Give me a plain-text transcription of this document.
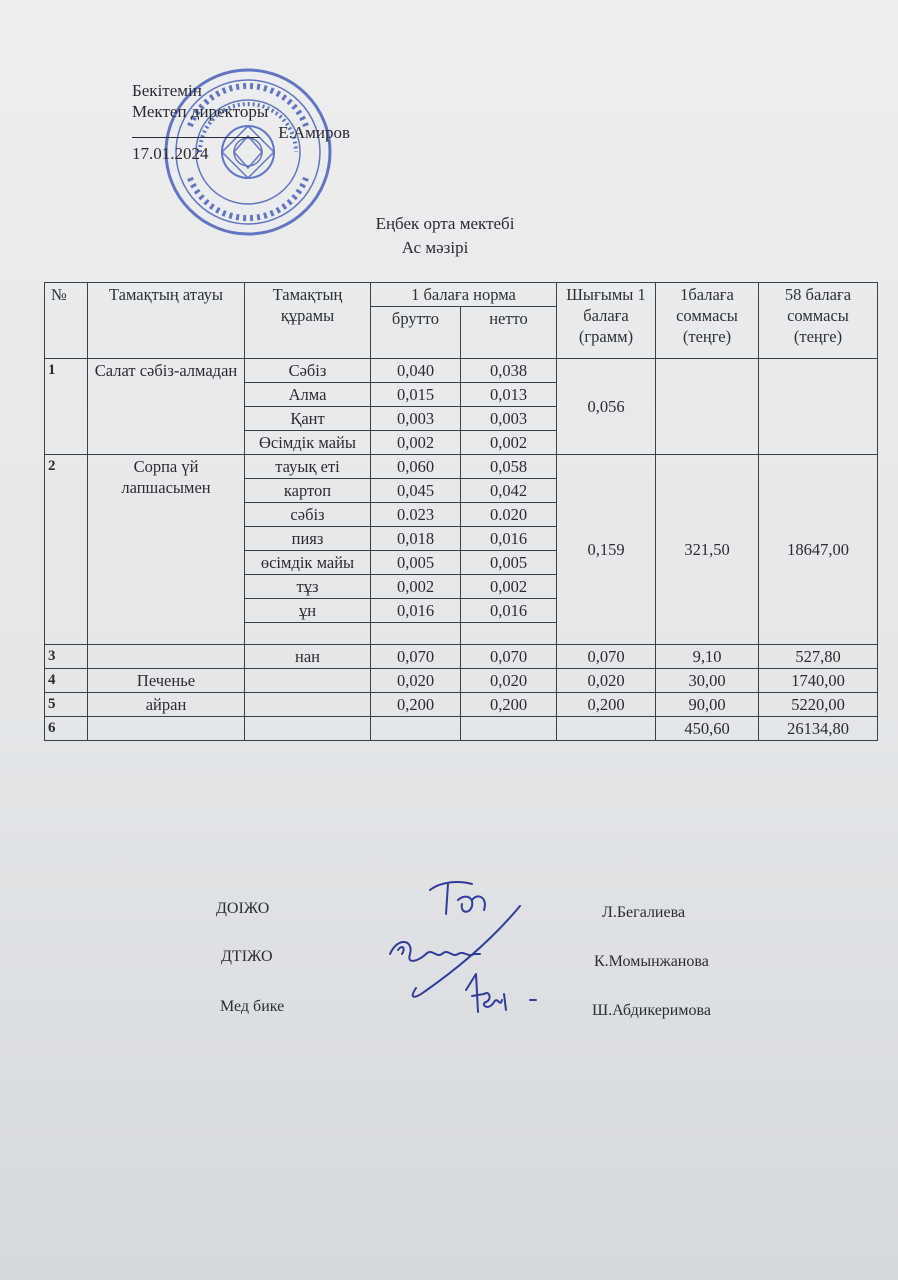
Бекітемін
Мектеп директоры
Е.Амиров
17.01.2024
Еңбек орта мектебі
Ас мәзірі
№	Тамақтың атауы	Тамақтың құрамы	1 балаға норма		Шығымы 1 балаға (грамм)	1балаға соммасы (теңге)	58 балаға соммасы (теңге)
			брутто	нетто			
1	Салат сәбіз-алмадан	Сәбіз	0,040	0,038	0,056		
		Алма	0,015	0,013			
		Қант	0,003	0,003			
		Өсімдік майы	0,002	0,002			
2	Сорпа үй лапшасымен	тауық еті	0,060	0,058	0,159	321,50	18647,00
		картоп	0,045	0,042			
		сәбіз	0.023	0.020			
		пияз	0,018	0,016			
		өсімдік майы	0,005	0,005			
		тұз	0,002	0,002			
		ұн	0,016	0,016			

3		нан	0,070	0,070	0,070	9,10	527,80
4	Печенье		0,020	0,020	0,020	30,00	1740,00
5	айран		0,200	0,200	0,200	90,00	5220,00
6						450,60	26134,80
ДОІЖО	Л.Бегалиева
ДТІЖО	К.Момынжанова
Мед бике	Ш.Абдикеримова
